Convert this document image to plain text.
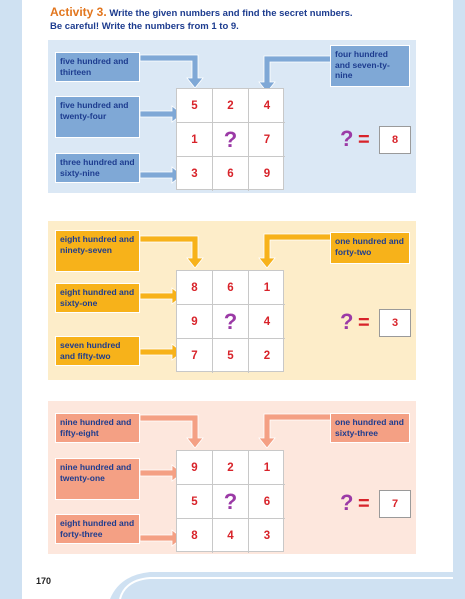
Activity 3. Write the given numbers and find the secret numbers.
Be careful! Write the numbers from 1 to 9.
five hundred and thirteen
five hundred and twenty-four
three hundred and sixty-nine
four hundred and seven-ty-nine
5	2	4
1	?	7
3	6	9
? =	8
eight hundred and ninety-seven
eight hundred and sixty-one
seven hundred and fifty-two
one hundred and forty-two
8	6	1
9	?	4
7	5	2
? =	3
nine hundred and fifty-eight
nine hundred and twenty-one
eight hundred and forty-three
one hundred and sixty-three
9	2	1
5	?	6
8	4	3
? =	7
170
